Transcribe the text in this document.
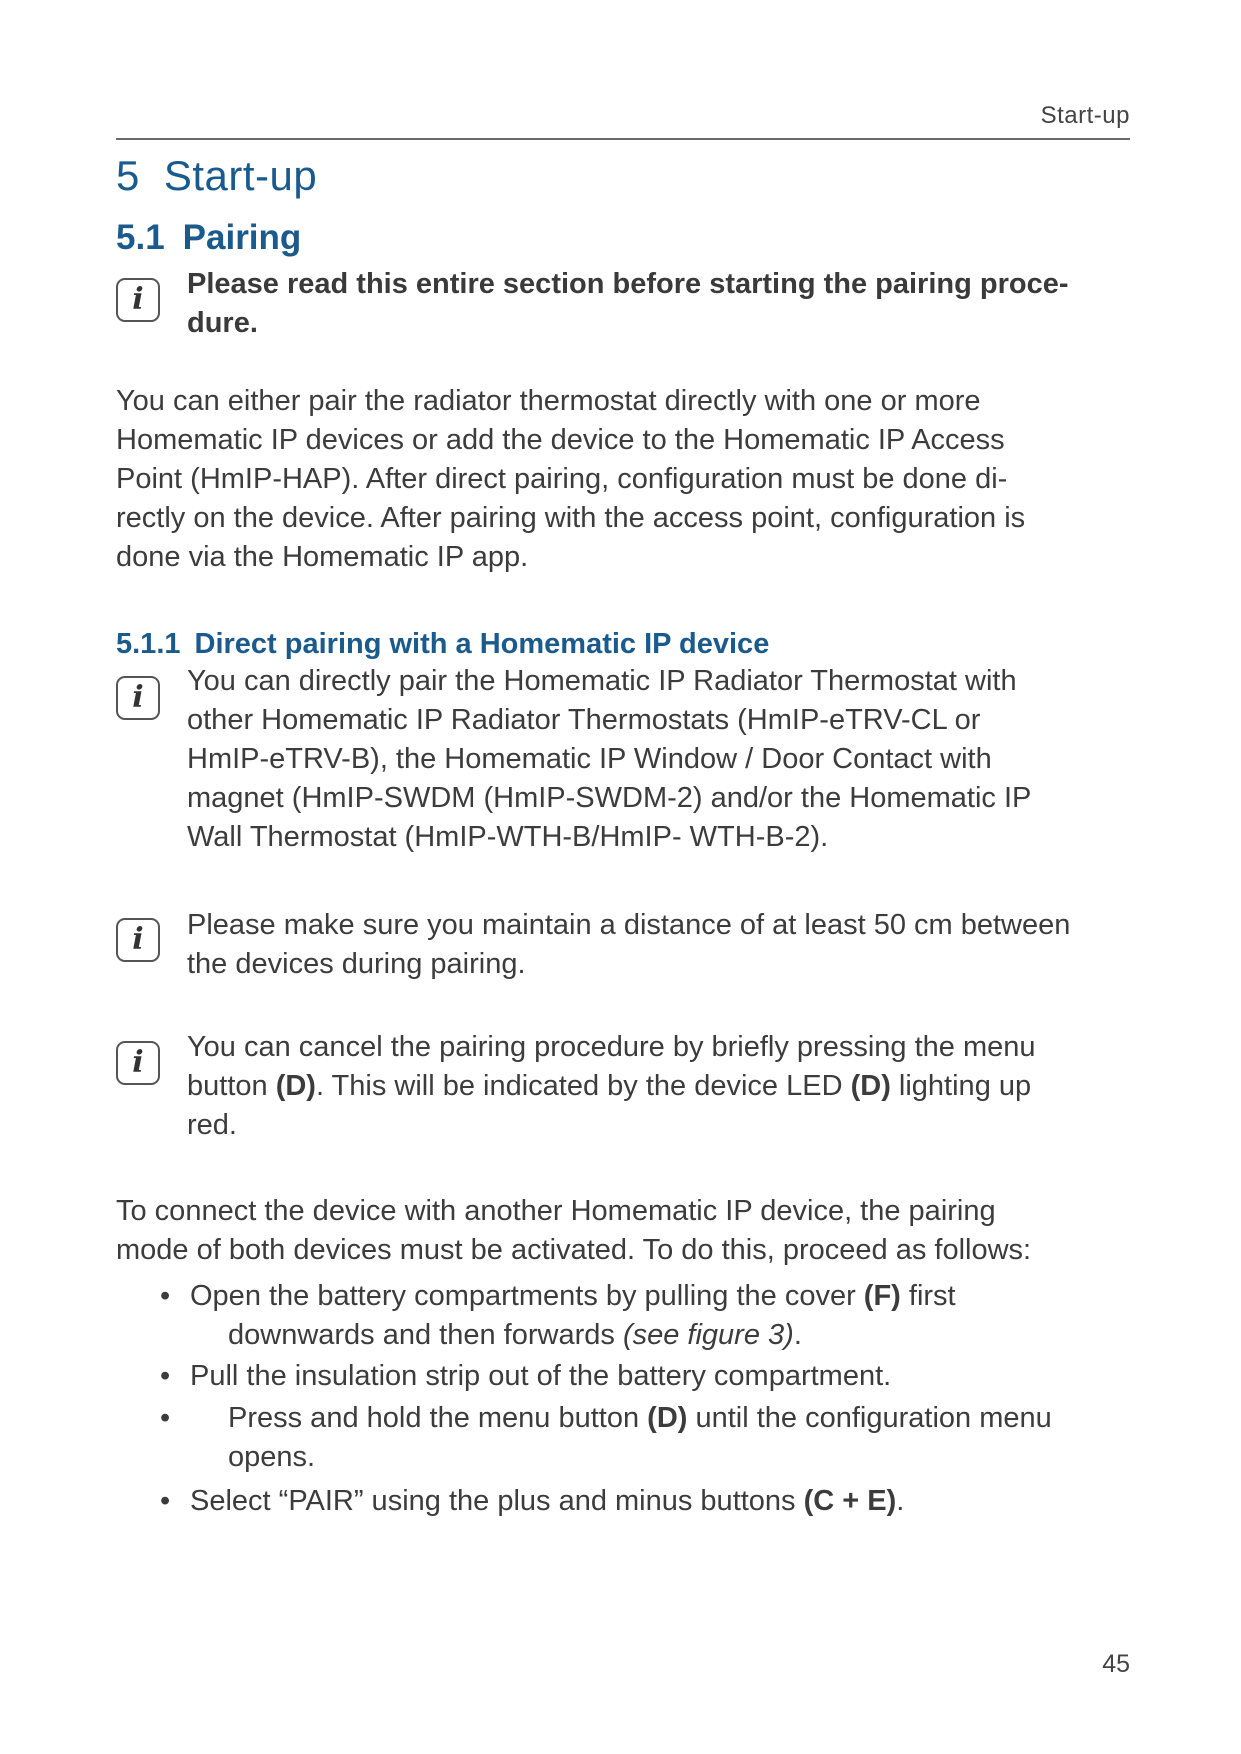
Start-up
5 Start-up
5.1 Pairing
i	Please read this entire section before starting the pairing proce-
dure.
You can either pair the radiator thermostat directly with one or more
Homematic IP devices or add the device to the Homematic IP Access
Point (HmIP-HAP). After direct pairing, configuration must be done di-
rectly on the device. After pairing with the access point, configuration is
done via the Homematic IP app.
5.1.1 Direct pairing with a Homematic IP device
i	You can directly pair the Homematic IP Radiator Thermostat with
other Homematic IP Radiator Thermostats (HmIP-eTRV-CL or
HmIP-eTRV-B), the Homematic IP Window / Door Contact with
magnet (HmIP-SWDM (HmIP-SWDM-2) and/or the Homematic IP
Wall Thermostat (HmIP-WTH-B/HmIP- WTH-B-2).
i	Please make sure you maintain a distance of at least 50 cm between
the devices during pairing.
i	You can cancel the pairing procedure by briefly pressing the menu
button (D). This will be indicated by the device LED (D) lighting up
red.
To connect the device with another Homematic IP device, the pairing
mode of both devices must be activated. To do this, proceed as follows:
• Open the battery compartments by pulling the cover (F) first
downwards and then forwards (see figure 3).
• Pull the insulation strip out of the battery compartment.
• Press and hold the menu button (D) until the configuration menu
opens.
• Select “PAIR” using the plus and minus buttons (C + E).
45
